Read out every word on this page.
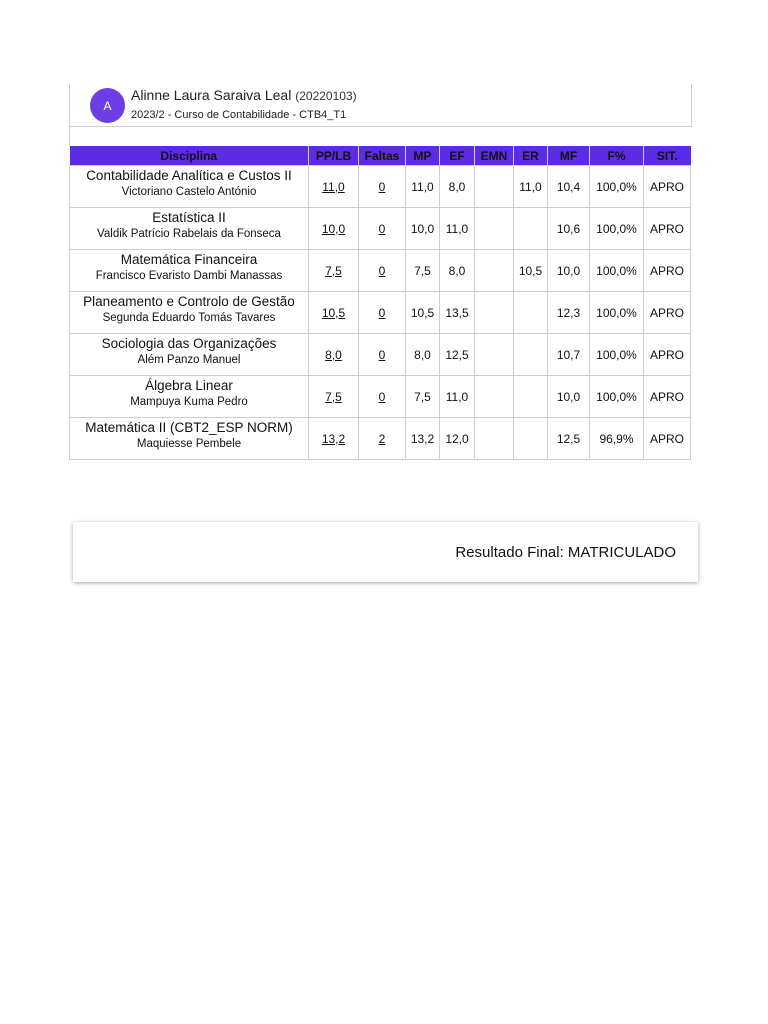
A
Alinne Laura Saraiva Leal (20220103)
2023/2 - Curso de Contabilidade - CTB4_T1
Disciplina	PP/LB	Faltas	MP	EF	EMN	ER	MF	F%	SIT.

Contabilidade Analítica e Custos II
Victoriano Castelo António	11,0	0	11,0	8,0		11,0	10,4	100,0%	APRO

Estatística II
Valdik Patrício Rabelais da Fonseca	10,0	0	10,0	11,0			10,6	100,0%	APRO

Matemática Financeira
Francisco Evaristo Dambi Manassas	7,5	0	7,5	8,0		10,5	10,0	100,0%	APRO

Planeamento e Controlo de Gestão
Segunda Eduardo Tomás Tavares	10,5	0	10,5	13,5			12,3	100,0%	APRO

Sociologia das Organizações
Além Panzo Manuel	8,0	0	8,0	12,5			10,7	100,0%	APRO

Álgebra Linear
Mampuya Kuma Pedro	7,5	0	7,5	11,0			10,0	100,0%	APRO

Matemática II (CBT2_ESP NORM)
Maquiesse Pembele	13,2	2	13,2	12,0			12,5	96,9%	APRO
Resultado Final: MATRICULADO
